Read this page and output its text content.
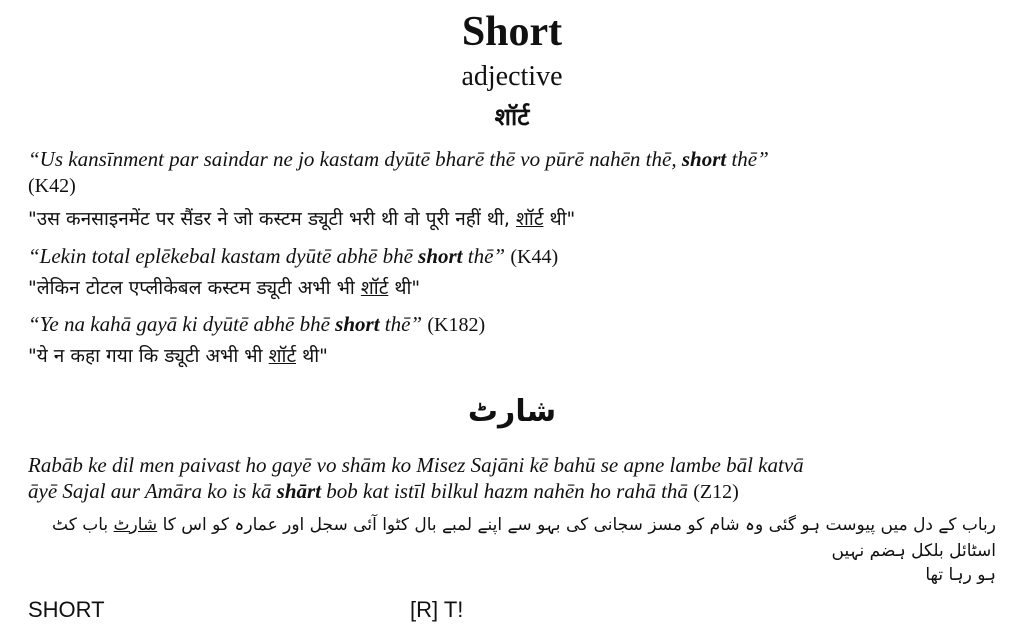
Short
adjective
शॉर्ट
“Us kansīnment par saindar ne jo kastam dyūtē bharē thē vo pūrē nahēn thē, short thē”
(K42)
"उस कनसाइनमेंट पर सैंडर ने जो कस्टम ड्यूटी भरी थी वो पूरी नहीं थी, शॉर्ट थी"
“Lekin total eplēkebal kastam dyūtē abhē bhē short thē” (K44)
"लेकिन टोटल एप्लीकेबल कस्टम ड्यूटी अभी भी शॉर्ट थी"
“Ye na kahā gayā ki dyūtē abhē bhē short thē” (K182)
"ये न कहा गया कि ड्यूटी अभी भी शॉर्ट थी"
شارٹ
Rabāb ke dil men paivast ho gayē vo shām ko Misez Sajāni kē bahū se apne lambe bāl katvā
āyē Sajal aur Amāra ko is kā shārt bob kat istīl bilkul hazm nahēn ho rahā thā (Z12)
رباب کے دل میں پیوست ہو گئی وہ شام کو مسز سجانی کی بہو سے اپنے لمبے بال کٹوا آئی سجل اور عمارہ کو اس کا شارٹ باب کٹ اسٹائل بلکل ہضم نہیں
ہو رہا تھا
SHORT	[R] T!
